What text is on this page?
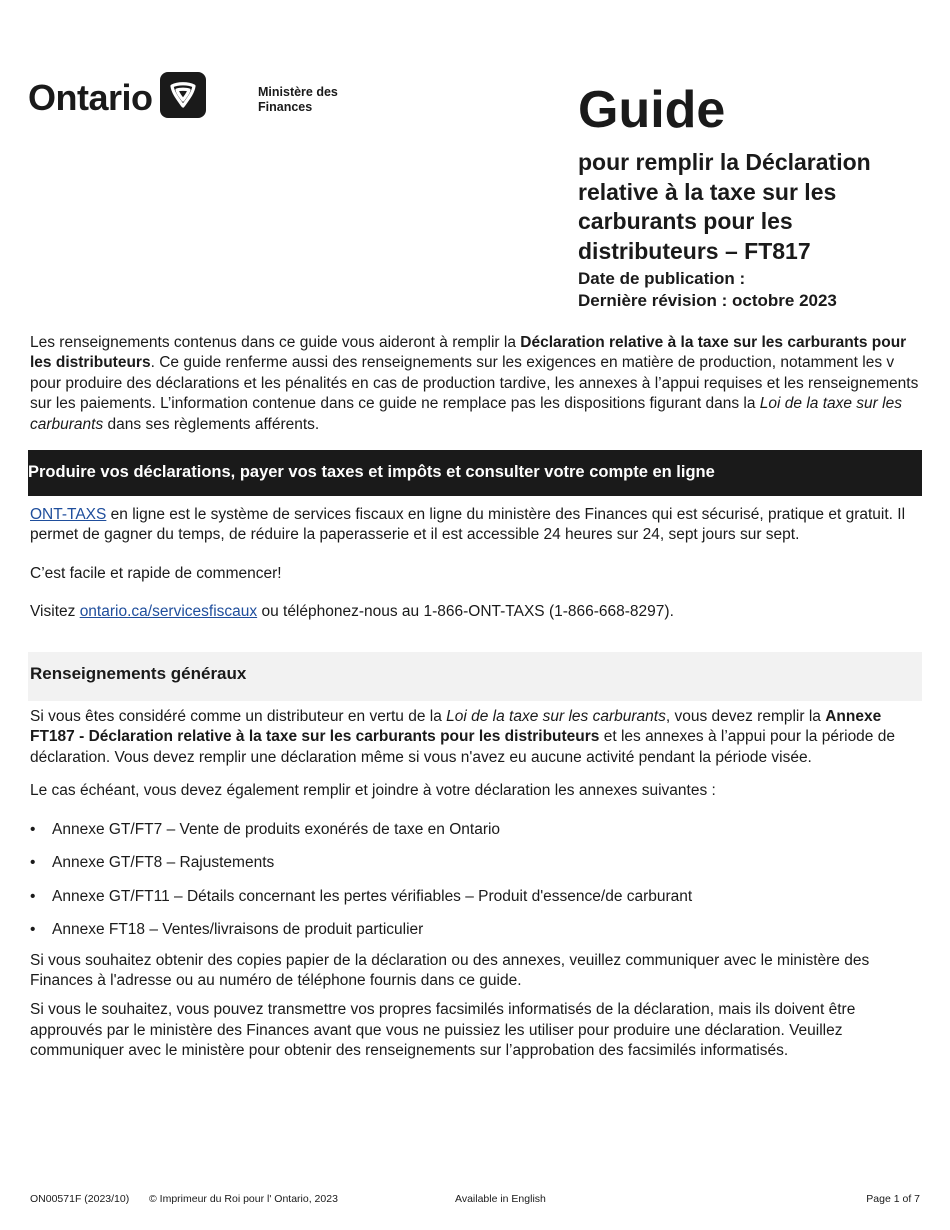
Ontario	Ministère des Finances	Guide
pour remplir la Déclaration relative à la taxe sur les carburants pour les distributeurs – FT817
Date de publication :
Dernière révision : octobre 2023

Les renseignements contenus dans ce guide vous aideront à remplir la Déclaration relative à la taxe sur les carburants pour les distributeurs. Ce guide renferme aussi des renseignements sur les exigences en matière de production, notamment les v pour produire des déclarations et les pénalités en cas de production tardive, les annexes à l’appui requises et les renseignements sur les paiements. L’information contenue dans ce guide ne remplace pas les dispositions figurant dans la Loi de la taxe sur les carburants dans ses règlements afférents.

Produire vos déclarations, payer vos taxes et impôts et consulter votre compte en ligne

ONT-TAXS en ligne est le système de services fiscaux en ligne du ministère des Finances qui est sécurisé, pratique et gratuit. Il permet de gagner du temps, de réduire la paperasserie et il est accessible 24 heures sur 24, sept jours sur sept.

C’est facile et rapide de commencer!

Visitez ontario.ca/servicesfiscaux ou téléphonez-nous au 1-866-ONT-TAXS (1-866-668-8297).

Renseignements généraux

Si vous êtes considéré comme un distributeur en vertu de la Loi de la taxe sur les carburants, vous devez remplir la Annexe FT187 - Déclaration relative à la taxe sur les carburants pour les distributeurs et les annexes à l’appui pour la période de déclaration. Vous devez remplir une déclaration même si vous n'avez eu aucune activité pendant la période visée.

Le cas échéant, vous devez également remplir et joindre à votre déclaration les annexes suivantes :

• Annexe GT/FT7 – Vente de produits exonérés de taxe en Ontario
• Annexe GT/FT8 – Rajustements
• Annexe GT/FT11 – Détails concernant les pertes vérifiables – Produit d'essence/de carburant
• Annexe FT18 – Ventes/livraisons de produit particulier

Si vous souhaitez obtenir des copies papier de la déclaration ou des annexes, veuillez communiquer avec le ministère des Finances à l'adresse ou au numéro de téléphone fournis dans ce guide.

Si vous le souhaitez, vous pouvez transmettre vos propres facsimilés informatisés de la déclaration, mais ils doivent être approuvés par le ministère des Finances avant que vous ne puissiez les utiliser pour produire une déclaration. Veuillez communiquer avec le ministère pour obtenir des renseignements sur l’approbation des facsimilés informatisés.

ON00571F (2023/10) © Imprimeur du Roi pour l' Ontario, 2023	Available in English	Page 1 of 7
